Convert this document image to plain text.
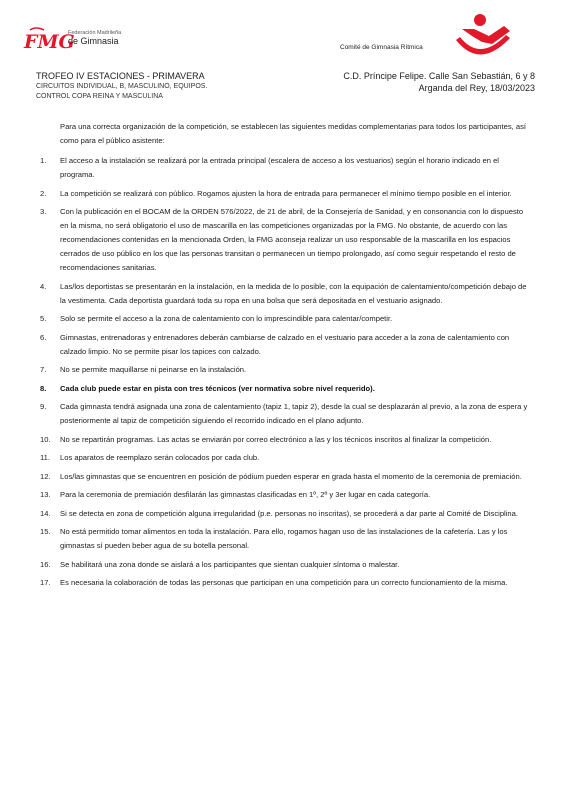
FMG
Federación Madrileña
de Gimnasia
Comité de Gimnasia Rítmica
TROFEO IV ESTACIONES - PRIMAVERA
CIRCUITOS INDIVIDUAL, B, MASCULINO, EQUIPOS.
CONTROL COPA REINA Y MASCULINA
C.D. Príncipe Felipe. Calle San Sebastián, 6 y 8
Arganda del Rey, 18/03/2023
Para una correcta organización de la competición, se establecen las siguientes medidas complementarias para todos los participantes, así como para el público asistente:
1. El acceso a la instalación se realizará por la entrada principal (escalera de acceso a los vestuarios) según el horario indicado en el programa.
2. La competición se realizará con público. Rogamos ajusten la hora de entrada para permanecer el mínimo tiempo posible en el interior.
3. Con la publicación en el BOCAM de la ORDEN 576/2022, de 21 de abril, de la Consejería de Sanidad, y en consonancia con lo dispuesto en la misma, no será obligatorio el uso de mascarilla en las competiciones organizadas por la FMG. No obstante, de acuerdo con las recomendaciones contenidas en la mencionada Orden, la FMG aconseja realizar un uso responsable de la mascarilla en los espacios cerrados de uso público en los que las personas transitan o permanecen un tiempo prolongado, así como seguir respetando el resto de recomendaciones sanitarias.
4. Las/los deportistas se presentarán en la instalación, en la medida de lo posible, con la equipación de calentamiento/competición debajo de la vestimenta. Cada deportista guardará toda su ropa en una bolsa que será depositada en el vestuario asignado.
5. Solo se permite el acceso a la zona de calentamiento con lo imprescindible para calentar/competir.
6. Gimnastas, entrenadoras y entrenadores deberán cambiarse de calzado en el vestuario para acceder a la zona de calentamiento con calzado limpio. No se permite pisar los tapices con calzado.
7. No se permite maquillarse ni peinarse en la instalación.
8. Cada club puede estar en pista con tres técnicos (ver normativa sobre nivel requerido).
9. Cada gimnasta tendrá asignada una zona de calentamiento (tapiz 1, tapiz 2), desde la cual se desplazarán al previo, a la zona de espera y posteriormente al tapiz de competición siguiendo el recorrido indicado en el plano adjunto.
10. No se repartirán programas. Las actas se enviarán por correo electrónico a las y los técnicos inscritos al finalizar la competición.
11. Los aparatos de reemplazo serán colocados por cada club.
12. Los/las gimnastas que se encuentren en posición de pódium pueden esperar en grada hasta el momento de la ceremonia de premiación.
13. Para la ceremonia de premiación desfilarán las gimnastas clasificadas en 1º, 2º y 3er lugar en cada categoría.
14. Si se detecta en zona de competición alguna irregularidad (p.e. personas no inscritas), se procederá a dar parte al Comité de Disciplina.
15. No está permitido tomar alimentos en toda la instalación. Para ello, rogamos hagan uso de las instalaciones de la cafetería. Las y los gimnastas sí pueden beber agua de su botella personal.
16. Se habilitará una zona donde se aislará a los participantes que sientan cualquier síntoma o malestar.
17. Es necesaria la colaboración de todas las personas que participan en una competición para un correcto funcionamiento de la misma.
